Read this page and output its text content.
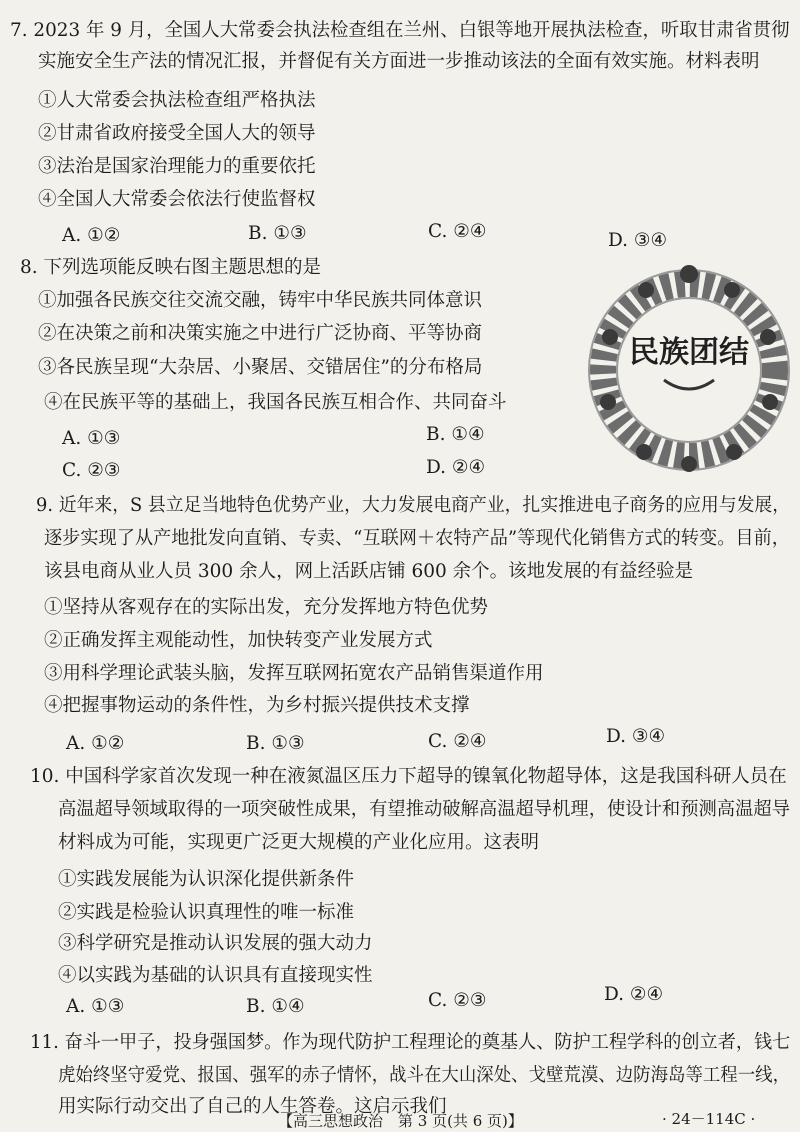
7. 2023 年 9 月，全国人大常委会执法检查组在兰州、白银等地开展执法检查，听取甘肃省贯彻
实施安全生产法的情况汇报，并督促有关方面进一步推动该法的全面有效实施。材料表明
①人大常委会执法检查组严格执法
②甘肃省政府接受全国人大的领导
③法治是国家治理能力的重要依托
④全国人大常委会依法行使监督权
A. ①②	B. ①③	C. ②④	D. ③④
8. 下列选项能反映右图主题思想的是
①加强各民族交往交流交融，铸牢中华民族共同体意识
②在决策之前和决策实施之中进行广泛协商、平等协商
③各民族呈现“大杂居、小聚居、交错居住”的分布格局
④在民族平等的基础上，我国各民族互相合作、共同奋斗
A. ①③	B. ①④
C. ②③	D. ②④
民族团结
9. 近年来，S 县立足当地特色优势产业，大力发展电商产业，扎实推进电子商务的应用与发展，
逐步实现了从产地批发向直销、专卖、“互联网＋农特产品”等现代化销售方式的转变。目前，
该县电商从业人员 300 余人，网上活跃店铺 600 余个。该地发展的有益经验是
①坚持从客观存在的实际出发，充分发挥地方特色优势
②正确发挥主观能动性，加快转变产业发展方式
③用科学理论武装头脑，发挥互联网拓宽农产品销售渠道作用
④把握事物运动的条件性，为乡村振兴提供技术支撑
A. ①②	B. ①③	C. ②④	D. ③④
10. 中国科学家首次发现一种在液氮温区压力下超导的镍氧化物超导体，这是我国科研人员在
高温超导领域取得的一项突破性成果，有望推动破解高温超导机理，使设计和预测高温超导
材料成为可能，实现更广泛更大规模的产业化应用。这表明
①实践发展能为认识深化提供新条件
②实践是检验认识真理性的唯一标准
③科学研究是推动认识发展的强大动力
④以实践为基础的认识具有直接现实性
A. ①③	B. ①④	C. ②③	D. ②④
11. 奋斗一甲子，投身强国梦。作为现代防护工程理论的奠基人、防护工程学科的创立者，钱七
虎始终坚守爱党、报国、强军的赤子情怀，战斗在大山深处、戈壁荒漠、边防海岛等工程一线，
用实际行动交出了自己的人生答卷。这启示我们
【高三思想政治　第 3 页(共 6 页)】	· 24－114C ·
